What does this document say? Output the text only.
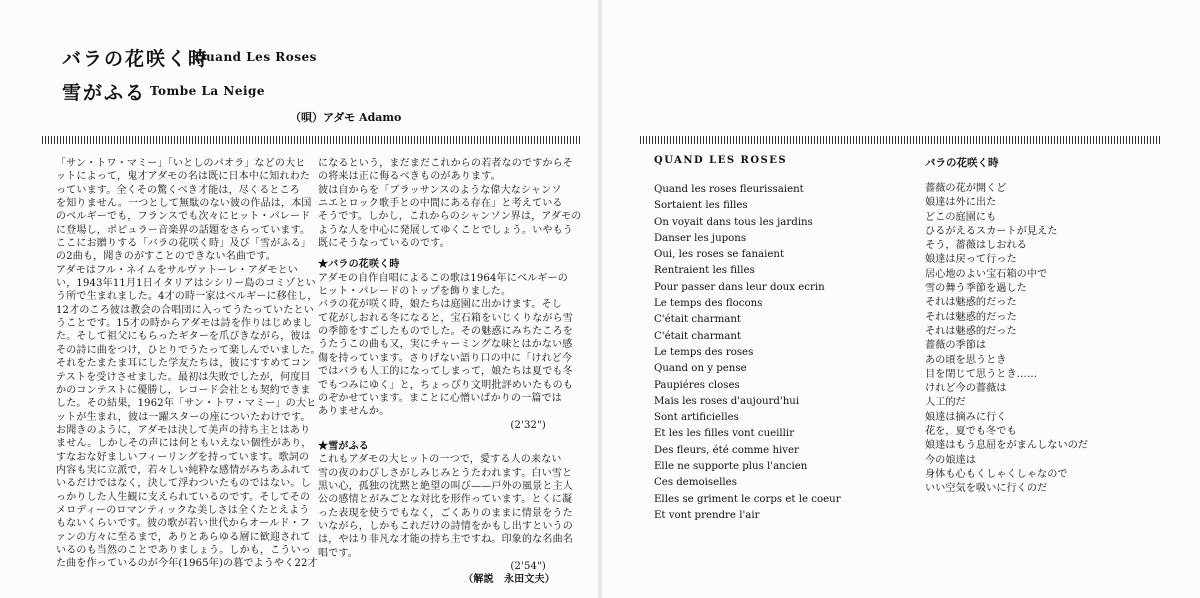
バラの花咲く時
Quand Les Roses
雪がふる Tombe La Neige
（唄）アダモ Adamo

「サン・トワ・マミー」「いとしのパオラ」などの大ヒ

ットによって，鬼才アダモの名は既に日本中に知れわた

っています。全くその驚くべき才能は，尽くるところ

を知りません。一つとして無駄のない彼の作品は，本国

のベルギーでも，フランスでも次々にヒット・パレード

に登場し，ポピュラー音楽界の話題をさらっています。

ここにお贈りする「バラの花咲く時」及び「雪がふる」

の2曲も，聞きのがすことのできない名曲です。

アダモはフル・ネイムをサルヴァトーレ・アダモとい

い，1943年11月1日イタリアはシシリー島のコミゾとい

う所で生まれました。4才の時一家はベルギーに移住し，

12才のころ彼は教会の合唱団に入ってうたっていたとい

うことです。15才の時からアダモは詩を作りはじめまし

た。そして祖父にもらったギターを爪びきながら，彼は

その詩に曲をつけ，ひとりでうたって楽しんでいました。

それをたまたま耳にした学友たちは，彼にすすめてコン

テストを受けさせました。最初は失敗でしたが，何度目

かのコンテストに優勝し，レコード会社とも契約できま

した。その結果，1962年「サン・トワ・マミー」の大ヒ

ットが生まれ，彼は一躍スターの座についたわけです。

お聞きのように，アダモは決して美声の持ち主とはあり

ません。しかしその声には何ともいえない個性があり，

すなおな好ましいフィーリングを持っています。歌詞の

内容も実に立派で，若々しい純粋な感情がみちあふれて

いるだけではなく，決して浮わついたものではない。し

っかりした人生観に支えられているのです。そしてその

メロディーのロマンティックな美しさは全くたとえよう

もないくらいです。彼の歌が若い世代からオールド・フ

ァンの方々に至るまで，ありとあらゆる層に歓迎されて

いるのも当然のことでありましょう。しかも，こういっ

た曲を作っているのが今年(1965年)の暮でようやく22才

になるという，まだまだこれからの若者なのですからそ

の将来は正に侮るべきものがあります。

彼は自からを「ブラッサンスのような偉大なシャンソ

ニエとロック歌手との中間にある存在」と考えている

そうです。しかし，これからのシャンソン界は，アダモの

ような人を中心に発展してゆくことでしょう。いやもう

既にそうなっているのです。

★バラの花咲く時

アダモの自作自唱によるこの歌は1964年にベルギーの

ヒット・パレードのトップを飾りました。

バラの花が咲く時，娘たちは庭園に出かけます。そし

て花がしおれる冬になると，宝石箱をいじくりながら雪

の季節をすごしたものでした。その魅惑にみちたころを

うたうこの曲も又，実にチャーミングな味とはかない感

傷を持っています。さりげない語り口の中に「けれど今

ではバラも人工的になってしまって，娘たちは夏でも冬

でもつみにゆく」と，ちょっぴり文明批評めいたものも

のぞかせています。まことに心憎いばかりの一篇では

ありませんか。

(2'32")

★雪がふる

これもアダモの大ヒットの一つで，愛する人の来ない

雪の夜のわびしさがしみじみとうたわれます。白い雪と

黒い心，孤独の沈黙と絶望の叫び——戸外の風景と主人

公の感情とがみごとな対比を形作っています。とくに凝

った表現を使うでもなく，ごくありのままに情景をうた

いながら，しかもこれだけの詩情をかもし出すというの

は，やはり非凡な才能の持ち主ですね。印象的な名曲名

唱です。

(2'54")

（解説　永田文夫）

QUAND LES ROSES	バラの花咲く時
Quand les roses fleurissaient
Sortaient les filles
On voyait dans tous les jardins
Danser les jupons
Oui, les roses se fanaient
Rentraient les filles
Pour passer dans leur doux ecrin
Le temps des flocons
C'était charmant
C'était charmant
Le temps des roses
Quand on y pense
Paupiéres closes
Mais les roses d'aujourd'hui
Sont artificielles
Et les les filles vont cueillir
Des fleurs, été comme hiver
Elle ne supporte plus l'ancien
Ces demoiselles
Elles se griment le corps et le coeur
Et vont prendre l'air
薔薇の花が開くど
娘達は外に出た
どこの庭園にも
ひるがえるスカートが見えた
そう，薔薇はしおれる
娘達は戻って行った
居心地のよい宝石箱の中で
雪の舞う季節を過した
それは魅惑的だった
それは魅惑的だった
それは魅惑的だった
薔薇の季節は
あの頃を思うとき
目を閉じて思うとき……
けれど今の薔薇は
人工的だ
娘達は摘みに行く
花を，夏でも冬でも
娘達はもう息屈をがまんしないのだ
今の娘達は
身体も心もくしゃくしゃなので
いい空気を吸いに行くのだ
